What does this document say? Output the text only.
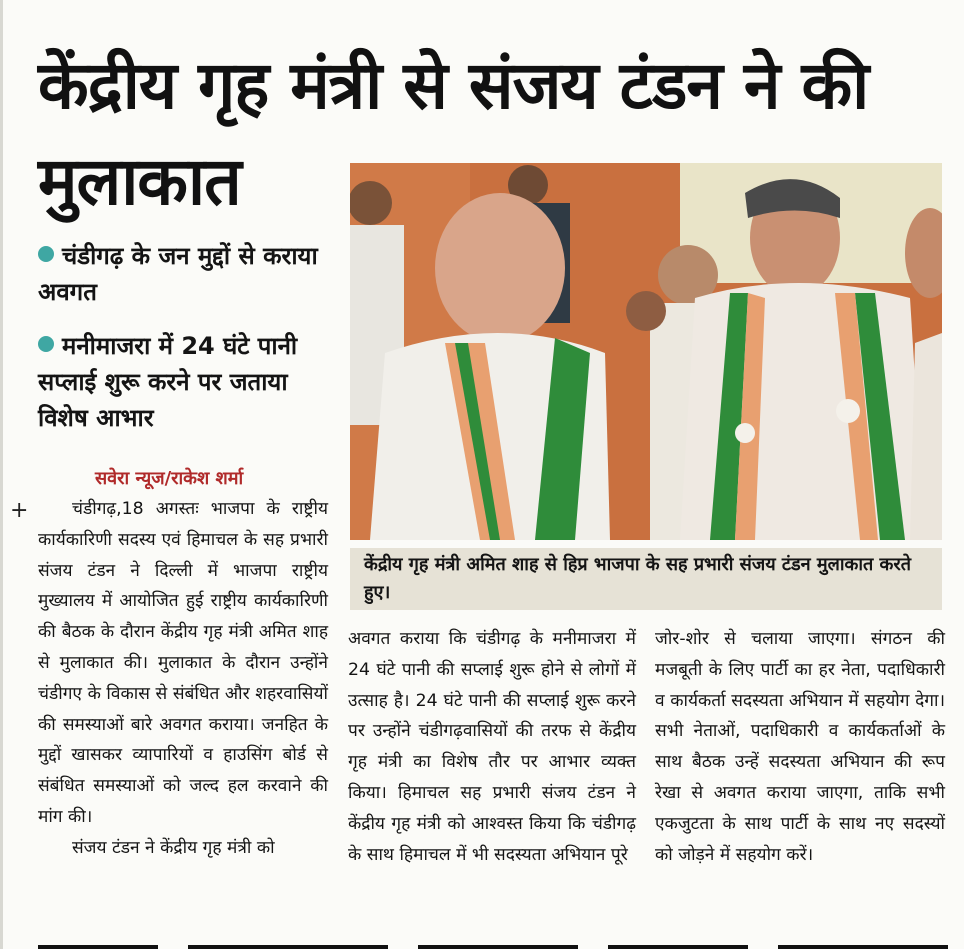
केंद्रीय गृह मंत्री से संजय टंडन ने की मुलाकात

चंडीगढ़ के जन मुद्दों से कराया अवगत

मनीमाजरा में 24 घंटे पानी सप्लाई शुरू करने पर जताया विशेष आभार

सवेरा न्यूज/राकेश शर्मा

+

केंद्रीय गृह मंत्री अमित शाह से हिप्र भाजपा के सह प्रभारी संजय टंडन मुलाकात करते हुए।

चंडीगढ़,18 अगस्तः भाजपा के राष्ट्रीय कार्यकारिणी सदस्य एवं हिमाचल के सह प्रभारी संजय टंडन ने दिल्ली में भाजपा राष्ट्रीय मुख्यालय में आयोजित हुई राष्ट्रीय कार्यकारिणी की बैठक के दौरान केंद्रीय गृह मंत्री अमित शाह से मुलाकात की। मुलाकात के दौरान उन्होंने चंडीगए के विकास से संबंधित और शहरवासियों की समस्याओं बारे अवगत कराया। जनहित के मुद्दों खासकर व्यापारियों व हाउसिंग बोर्ड से संबंधित समस्याओं को जल्द हल करवाने की मांग की।

संजय टंडन ने केंद्रीय गृह मंत्री को

अवगत कराया कि चंडीगढ़ के मनीमाजरा में 24 घंटे पानी की सप्लाई शुरू होने से लोगों में उत्साह है। 24 घंटे पानी की सप्लाई शुरू करने पर उन्होंने चंडीगढ़वासियों की तरफ से केंद्रीय गृह मंत्री का विशेष तौर पर आभार व्यक्त किया। हिमाचल सह प्रभारी संजय टंडन ने केंद्रीय गृह मंत्री को आश्वस्त किया कि चंडीगढ़ के साथ हिमाचल में भी सदस्यता अभियान पूरे

जोर-शोर से चलाया जाएगा। संगठन की मजबूती के लिए पार्टी का हर नेता, पदाधिकारी व कार्यकर्ता सदस्यता अभियान में सहयोग देगा। सभी नेताओं, पदाधिकारी व कार्यकर्ताओं के साथ बैठक उन्हें सदस्यता अभियान की रूप रेखा से अवगत कराया जाएगा, ताकि सभी एकजुटता के साथ पार्टी के साथ नए सदस्यों को जोड़ने में सहयोग करें।
